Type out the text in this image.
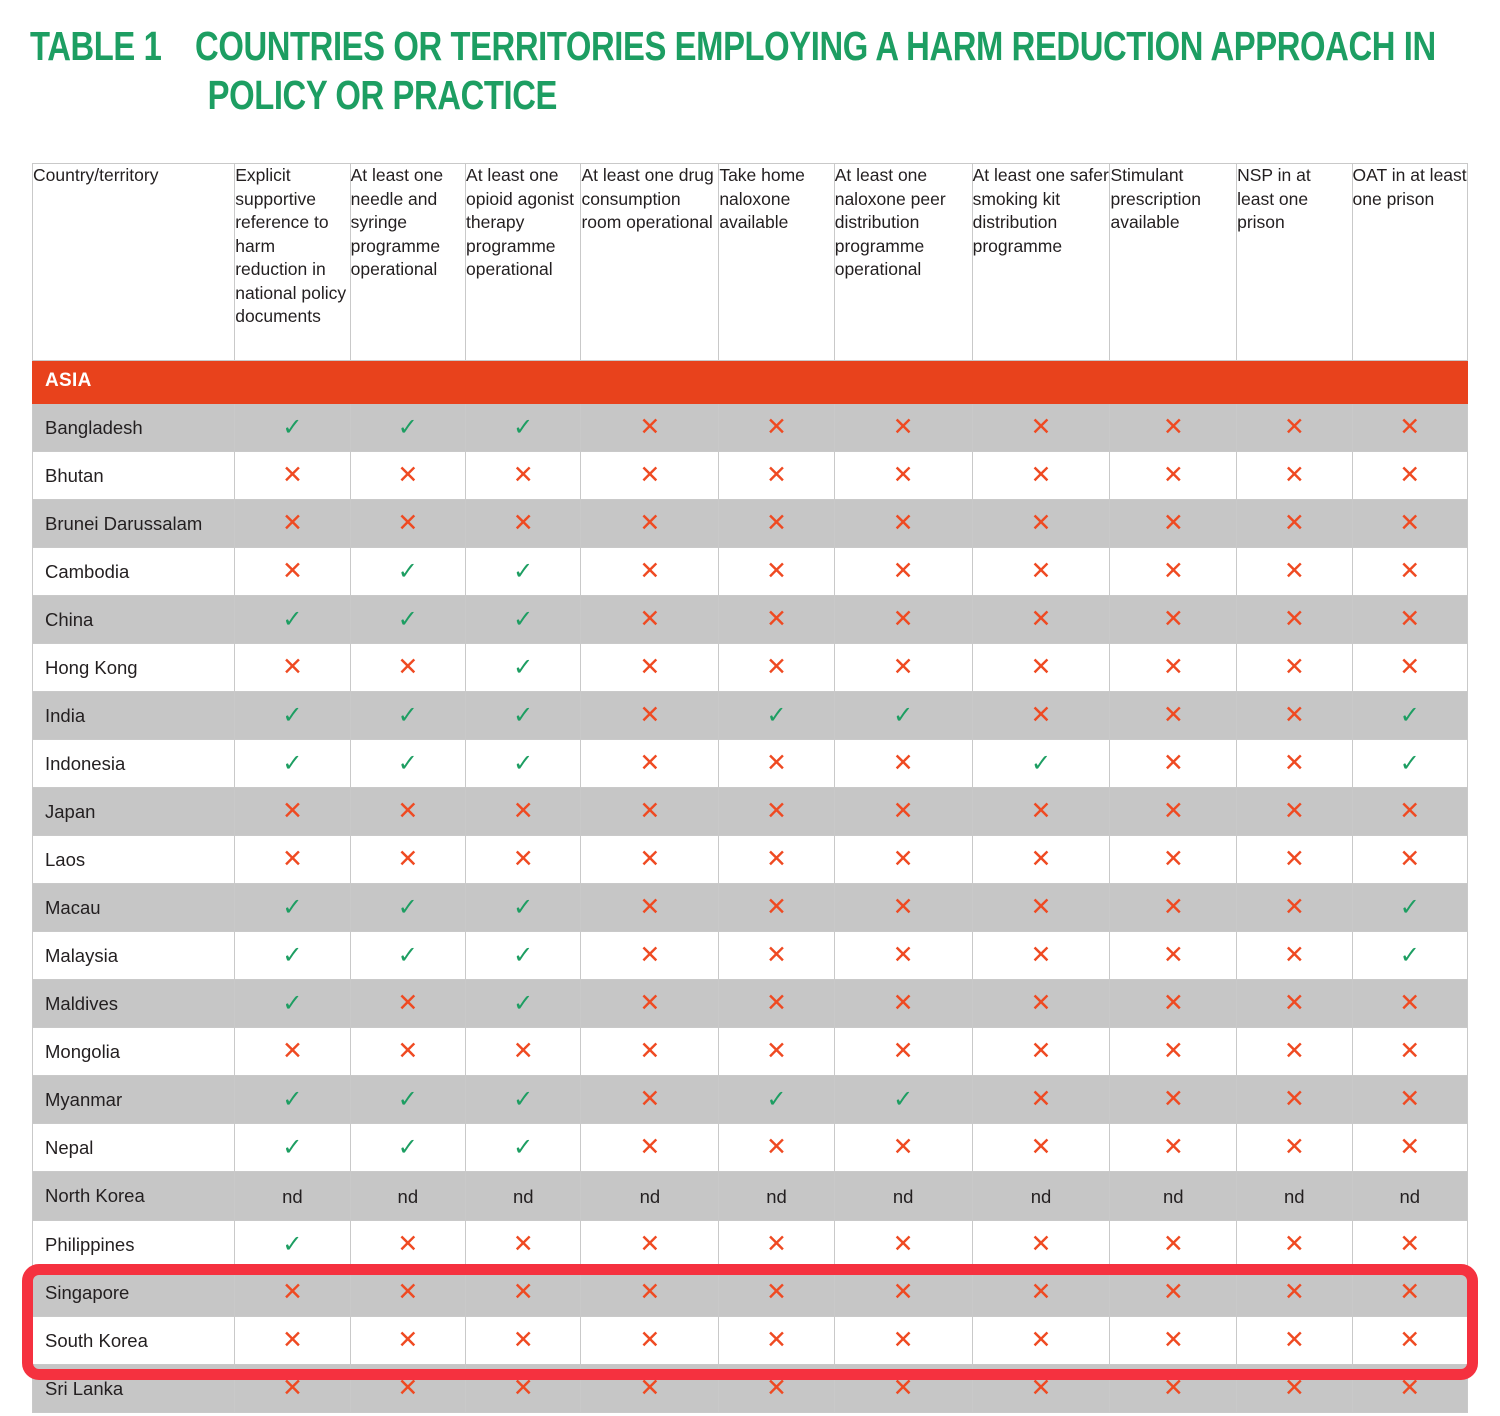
TABLE 1 COUNTRIES OR TERRITORIES EMPLOYING A HARM REDUCTION APPROACH IN
POLICY OR PRACTICE
Country/territory	Explicit supportive reference to harm reduction in national policy documents	At least one needle and syringe programme operational	At least one opioid agonist therapy programme operational	At least one drug consumption room operational	Take home naloxone available	At least one naloxone peer distribution programme operational	At least one safer smoking kit distribution programme	Stimulant prescription available	NSP in at least one prison	OAT in at least one prison
ASIA										
Bangladesh	✓	✓	✓	✕	✕	✕	✕	✕	✕	✕
Bhutan	✕	✕	✕	✕	✕	✕	✕	✕	✕	✕
Brunei Darussalam	✕	✕	✕	✕	✕	✕	✕	✕	✕	✕
Cambodia	✕	✓	✓	✕	✕	✕	✕	✕	✕	✕
China	✓	✓	✓	✕	✕	✕	✕	✕	✕	✕
Hong Kong	✕	✕	✓	✕	✕	✕	✕	✕	✕	✕
India	✓	✓	✓	✕	✓	✓	✕	✕	✕	✓
Indonesia	✓	✓	✓	✕	✕	✕	✓	✕	✕	✓
Japan	✕	✕	✕	✕	✕	✕	✕	✕	✕	✕
Laos	✕	✕	✕	✕	✕	✕	✕	✕	✕	✕
Macau	✓	✓	✓	✕	✕	✕	✕	✕	✕	✓
Malaysia	✓	✓	✓	✕	✕	✕	✕	✕	✕	✓
Maldives	✓	✕	✓	✕	✕	✕	✕	✕	✕	✕
Mongolia	✕	✕	✕	✕	✕	✕	✕	✕	✕	✕
Myanmar	✓	✓	✓	✕	✓	✓	✕	✕	✕	✕
Nepal	✓	✓	✓	✕	✕	✕	✕	✕	✕	✕
North Korea	nd	nd	nd	nd	nd	nd	nd	nd	nd	nd
Philippines	✓	✕	✕	✕	✕	✕	✕	✕	✕	✕
Singapore	✕	✕	✕	✕	✕	✕	✕	✕	✕	✕
South Korea	✕	✕	✕	✕	✕	✕	✕	✕	✕	✕
Sri Lanka	✕	✕	✕	✕	✕	✕	✕	✕	✕	✕
